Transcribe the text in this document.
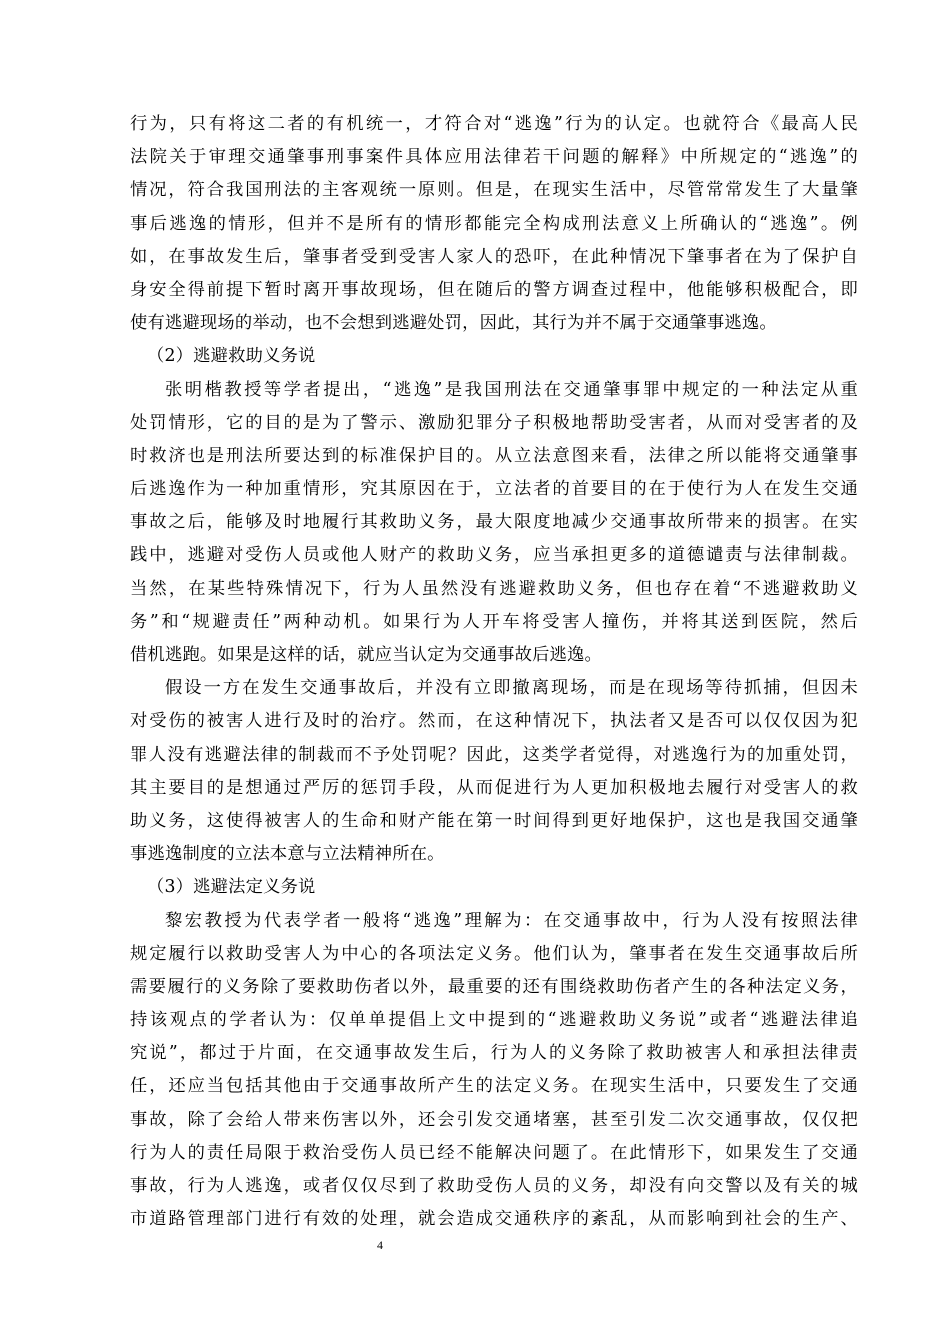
行为，只有将这二者的有机统一，才符合对“逃逸”行为的认定。也就符合《最高人民
法院关于审理交通肇事刑事案件具体应用法律若干问题的解释》中所规定的“逃逸”的
情况，符合我国刑法的主客观统一原则。但是，在现实生活中，尽管常常发生了大量肇
事后逃逸的情形，但并不是所有的情形都能完全构成刑法意义上所确认的“逃逸”。例
如，在事故发生后，肇事者受到受害人家人的恐吓，在此种情况下肇事者在为了保护自
身安全得前提下暂时离开事故现场，但在随后的警方调查过程中，他能够积极配合，即
使有逃避现场的举动，也不会想到逃避处罚，因此，其行为并不属于交通肇事逃逸。
（2）逃避救助义务说
张明楷教授等学者提出，“逃逸”是我国刑法在交通肇事罪中规定的一种法定从重
处罚情形，它的目的是为了警示、激励犯罪分子积极地帮助受害者，从而对受害者的及
时救济也是刑法所要达到的标准保护目的。从立法意图来看，法律之所以能将交通肇事
后逃逸作为一种加重情形，究其原因在于，立法者的首要目的在于使行为人在发生交通
事故之后，能够及时地履行其救助义务，最大限度地减少交通事故所带来的损害。在实
践中，逃避对受伤人员或他人财产的救助义务，应当承担更多的道德谴责与法律制裁。
当然，在某些特殊情况下，行为人虽然没有逃避救助义务，但也存在着“不逃避救助义
务”和“规避责任”两种动机。如果行为人开车将受害人撞伤，并将其送到医院，然后
借机逃跑。如果是这样的话，就应当认定为交通事故后逃逸。
假设一方在发生交通事故后，并没有立即撤离现场，而是在现场等待抓捕，但因未
对受伤的被害人进行及时的治疗。然而，在这种情况下，执法者又是否可以仅仅因为犯
罪人没有逃避法律的制裁而不予处罚呢？因此，这类学者觉得，对逃逸行为的加重处罚，
其主要目的是想通过严厉的惩罚手段，从而促进行为人更加积极地去履行对受害人的救
助义务，这使得被害人的生命和财产能在第一时间得到更好地保护，这也是我国交通肇
事逃逸制度的立法本意与立法精神所在。
（3）逃避法定义务说
黎宏教授为代表学者一般将“逃逸”理解为：在交通事故中，行为人没有按照法律
规定履行以救助受害人为中心的各项法定义务。他们认为，肇事者在发生交通事故后所
需要履行的义务除了要救助伤者以外，最重要的还有围绕救助伤者产生的各种法定义务，
持该观点的学者认为：仅单单提倡上文中提到的“逃避救助义务说”或者“逃避法律追
究说”，都过于片面，在交通事故发生后，行为人的义务除了救助被害人和承担法律责
任，还应当包括其他由于交通事故所产生的法定义务。在现实生活中，只要发生了交通
事故，除了会给人带来伤害以外，还会引发交通堵塞，甚至引发二次交通事故，仅仅把
行为人的责任局限于救治受伤人员已经不能解决问题了。在此情形下，如果发生了交通
事故，行为人逃逸，或者仅仅尽到了救助受伤人员的义务，却没有向交警以及有关的城
市道路管理部门进行有效的处理，就会造成交通秩序的紊乱，从而影响到社会的生产、
4
